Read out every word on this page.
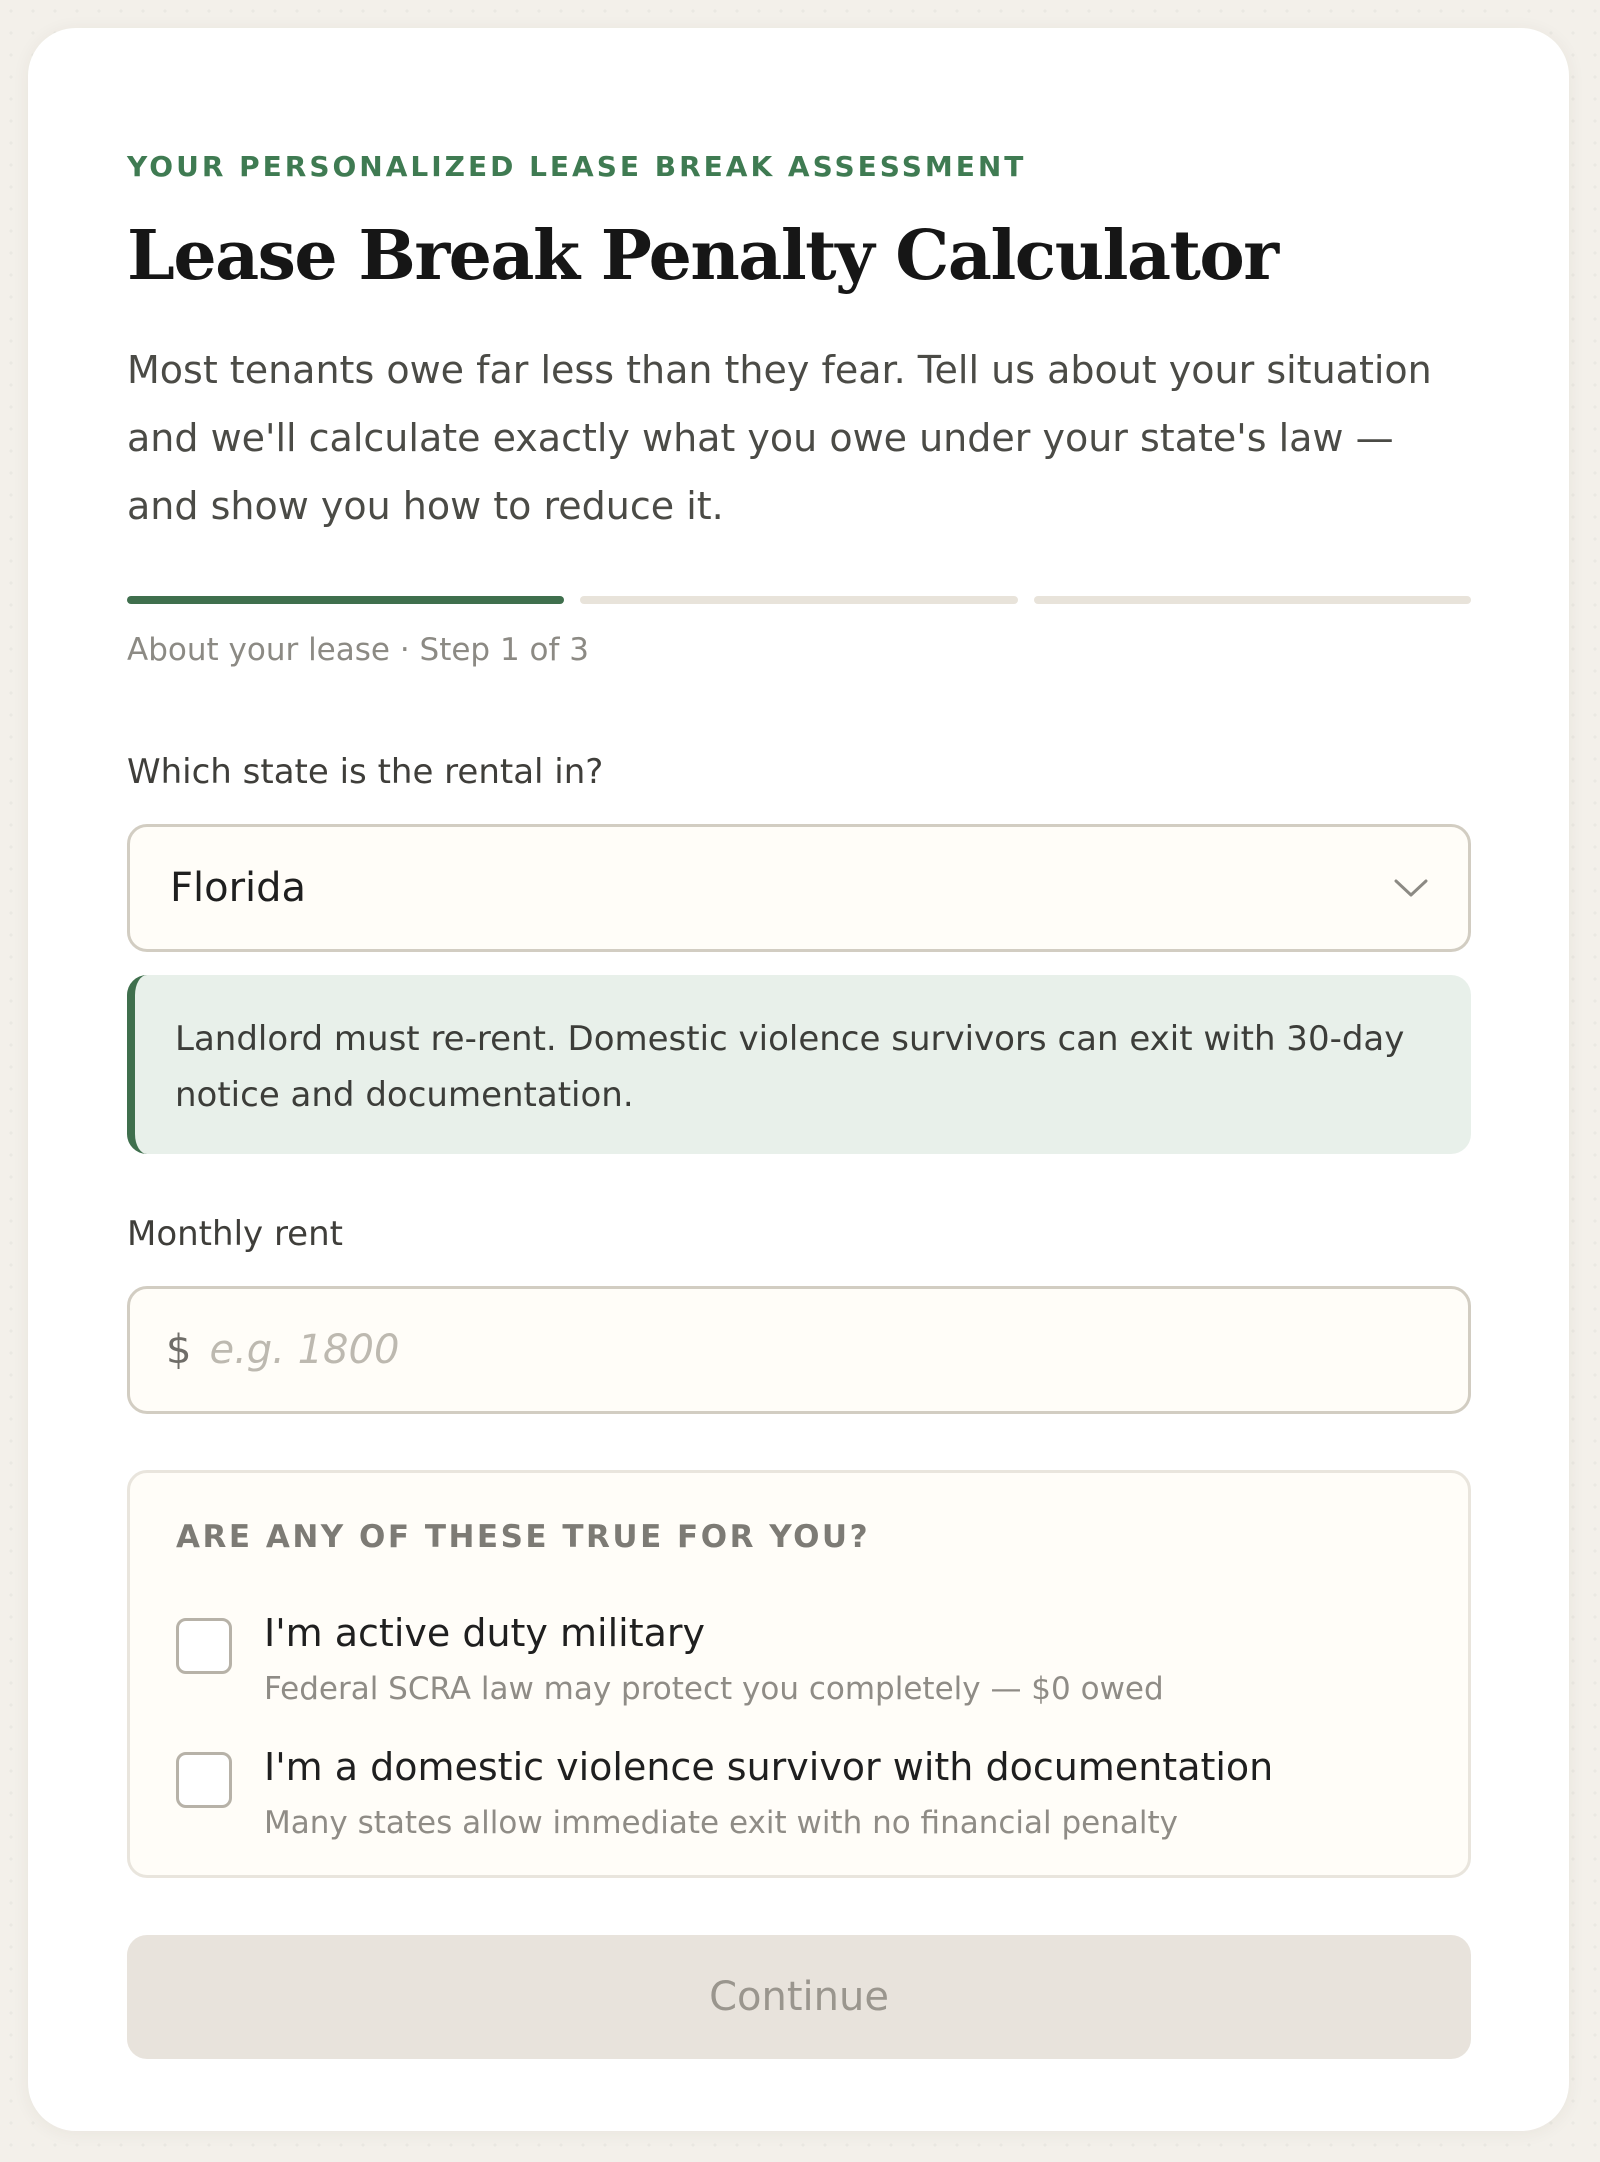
YOUR PERSONALIZED LEASE BREAK ASSESSMENT
Lease Break Penalty Calculator

Most tenants owe far less than they fear. Tell us about your situation and we'll calculate exactly what you owe under your state's law — and show you how to reduce it.

About your lease · Step 1 of 3
Which state is the rental in?
Florida
Landlord must re-rent. Domestic violence survivors can exit with 30-day notice and documentation.
Monthly rent
$
e.g. 1800
ARE ANY OF THESE TRUE FOR YOU?
I'm active duty military
Federal SCRA law may protect you completely — $0 owed
I'm a domestic violence survivor with documentation
Many states allow immediate exit with no financial penalty
Continue
